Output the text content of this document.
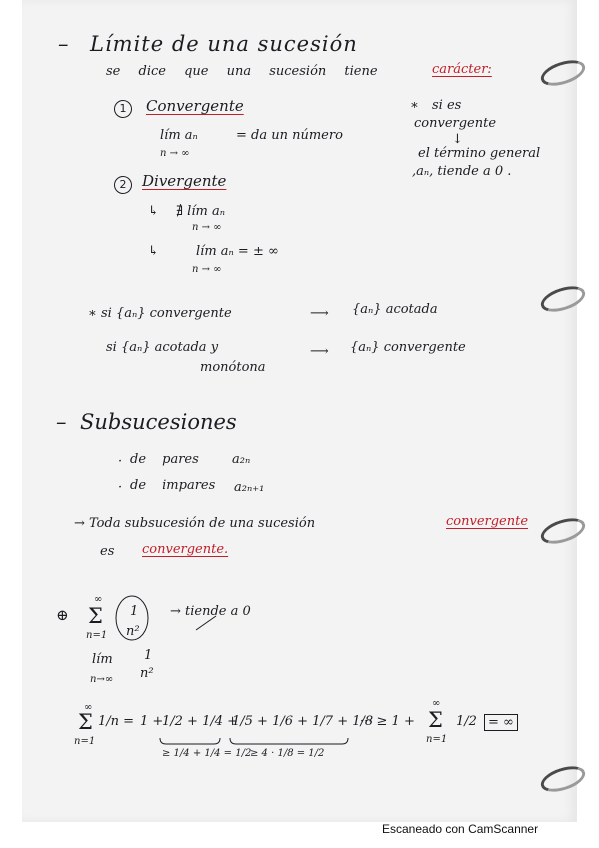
– Límite de una sucesión
se dice que una sucesión tiene	carácter:
1	Convergente
lím aₙ
n → ∞
= da un número
∗ si es
convergente
↓
el término general
,aₙ, tiende a 0 .
2	Divergente
↳ ∄ lím aₙ
n → ∞
↳	lím aₙ = ± ∞
n → ∞
∗ si {aₙ} convergente	⟶ {aₙ} acotada
si {aₙ} acotada y
monótona
⟶ {aₙ} convergente
– Subsucesiones
· de pares	a₂ₙ
· de impares a₂ₙ₊₁
→ Toda subsucesión de una sucesión	convergente
es convergente.
⊕
∞
Σ
n=1
1
n²
→ tiende a 0
lím
n→∞
1
n²
∞
Σ
n=1
1/n = 1 +
1/2 + 1/4 +
1/5 + 1/6 + 1/7 + 1/8
··· ≥ 1 +
∞
Σ
n=1
1/2 = ∞
≥ 1/4 + 1/4 = 1/2
≥ 4 · 1/8 = 1/2
Escaneado con CamScanner
